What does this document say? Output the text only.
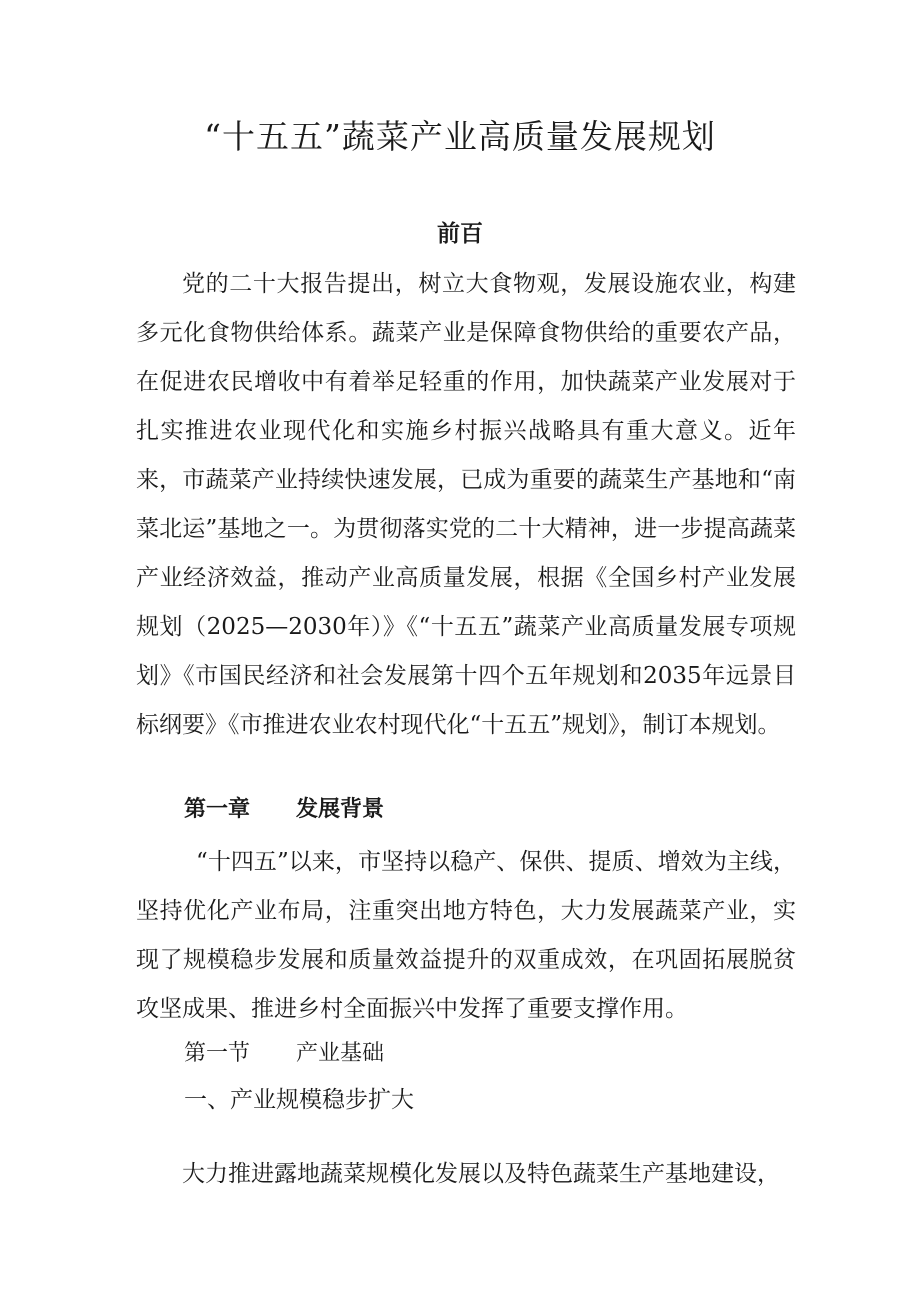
“十五五”蔬菜产业高质量发展规划
前百

党的二十大报告提出，树立大食物观，发展设施农业，构建多元化食物供给体系。蔬菜产业是保障食物供给的重要农产品，在促进农民增收中有着举足轻重的作用，加快蔬菜产业发展对于扎实推进农业现代化和实施乡村振兴战略具有重大意义。近年来，市蔬菜产业持续快速发展，已成为重要的蔬菜生产基地和“南菜北运”基地之一。为贯彻落实党的二十大精神，进一步提高蔬菜产业经济效益，推动产业高质量发展，根据《全国乡村产业发展规划（2025—2030年）》《“十五五”蔬菜产业高质量发展专项规划》《市国民经济和社会发展第十四个五年规划和2035年远景目标纲要》《市推进农业农村现代化“十五五”规划》，制订本规划。

第一章 发展背景

“十四五”以来，市坚持以稳产、保供、提质、增效为主线，坚持优化产业布局，注重突出地方特色，大力发展蔬菜产业，实现了规模稳步发展和质量效益提升的双重成效，在巩固拓展脱贫攻坚成果、推进乡村全面振兴中发挥了重要支撑作用。

第一节 产业基础
一、产业规模稳步扩大

大力推进露地蔬菜规模化发展以及特色蔬菜生产基地建设，
